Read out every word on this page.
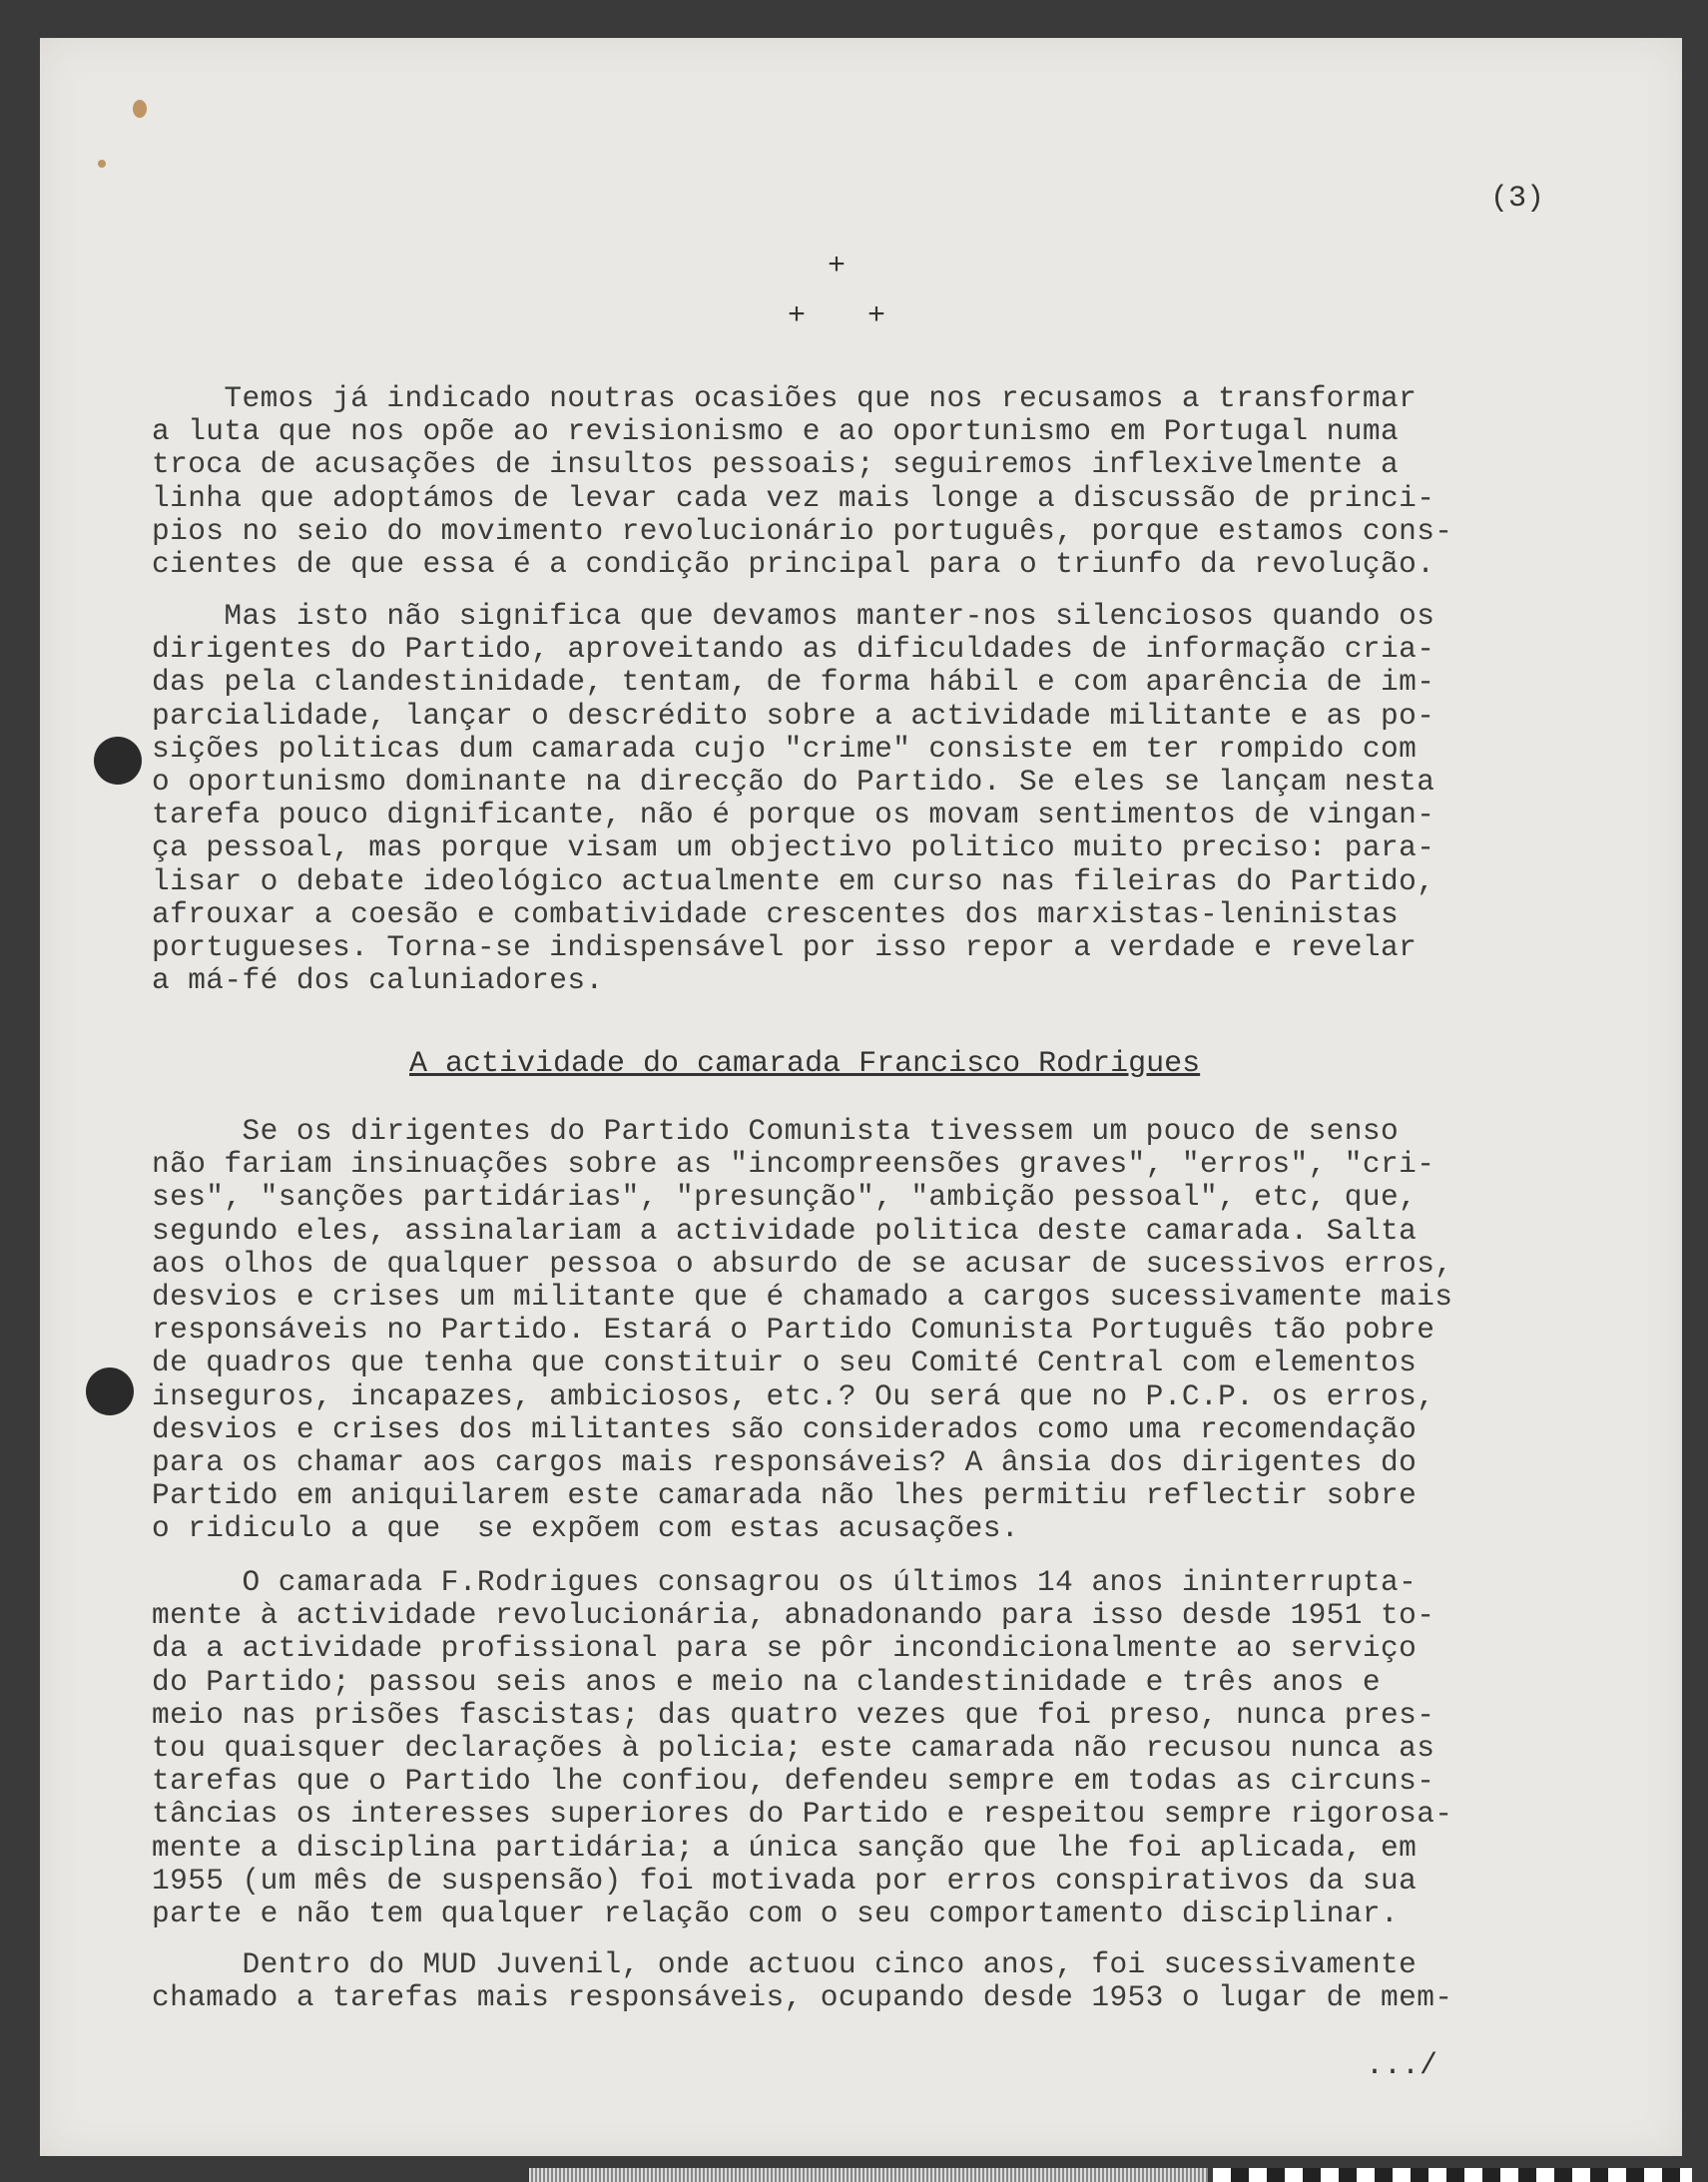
(3)
+
+ +
Temos já indicado noutras ocasiões que nos recusamos a transformar
a luta que nos opõe ao revisionismo e ao oportunismo em Portugal numa
troca de acusações de insultos pessoais; seguiremos inflexivelmente a
linha que adoptámos de levar cada vez mais longe a discussão de princi-
pios no seio do movimento revolucionário português, porque estamos cons-
cientes de que essa é a condição principal para o triunfo da revolução.
Mas isto não significa que devamos manter-nos silenciosos quando os
dirigentes do Partido, aproveitando as dificuldades de informação cria-
das pela clandestinidade, tentam, de forma hábil e com aparência de im-
parcialidade, lançar o descrédito sobre a actividade militante e as po-
sições politicas dum camarada cujo "crime" consiste em ter rompido com
o oportunismo dominante na direcção do Partido. Se eles se lançam nesta
tarefa pouco dignificante, não é porque os movam sentimentos de vingan-
ça pessoal, mas porque visam um objectivo politico muito preciso: para-
lisar o debate ideológico actualmente em curso nas fileiras do Partido,
afrouxar a coesão e combatividade crescentes dos marxistas-leninistas
portugueses. Torna-se indispensável por isso repor a verdade e revelar
a má-fé dos caluniadores.
A actividade do camarada Francisco Rodrigues
Se os dirigentes do Partido Comunista tivessem um pouco de senso
não fariam insinuações sobre as "incompreensões graves", "erros", "cri-
ses", "sanções partidárias", "presunção", "ambição pessoal", etc, que,
segundo eles, assinalariam a actividade politica deste camarada. Salta
aos olhos de qualquer pessoa o absurdo de se acusar de sucessivos erros,
desvios e crises um militante que é chamado a cargos sucessivamente mais
responsáveis no Partido. Estará o Partido Comunista Português tão pobre
de quadros que tenha que constituir o seu Comité Central com elementos
inseguros, incapazes, ambiciosos, etc.? Ou será que no P.C.P. os erros,
desvios e crises dos militantes são considerados como uma recomendação
para os chamar aos cargos mais responsáveis? A ânsia dos dirigentes do
Partido em aniquilarem este camarada não lhes permitiu reflectir sobre
o ridiculo a que  se expõem com estas acusações.
O camarada F.Rodrigues consagrou os últimos 14 anos ininterrupta-
mente à actividade revolucionária, abnadonando para isso desde 1951 to-
da a actividade profissional para se pôr incondicionalmente ao serviço
do Partido; passou seis anos e meio na clandestinidade e três anos e
meio nas prisões fascistas; das quatro vezes que foi preso, nunca pres-
tou quaisquer declarações à policia; este camarada não recusou nunca as
tarefas que o Partido lhe confiou, defendeu sempre em todas as circuns-
tâncias os interesses superiores do Partido e respeitou sempre rigorosa-
mente a disciplina partidária; a única sanção que lhe foi aplicada, em
1955 (um mês de suspensão) foi motivada por erros conspirativos da sua
parte e não tem qualquer relação com o seu comportamento disciplinar.
Dentro do MUD Juvenil, onde actuou cinco anos, foi sucessivamente
chamado a tarefas mais responsáveis, ocupando desde 1953 o lugar de mem-
.../
